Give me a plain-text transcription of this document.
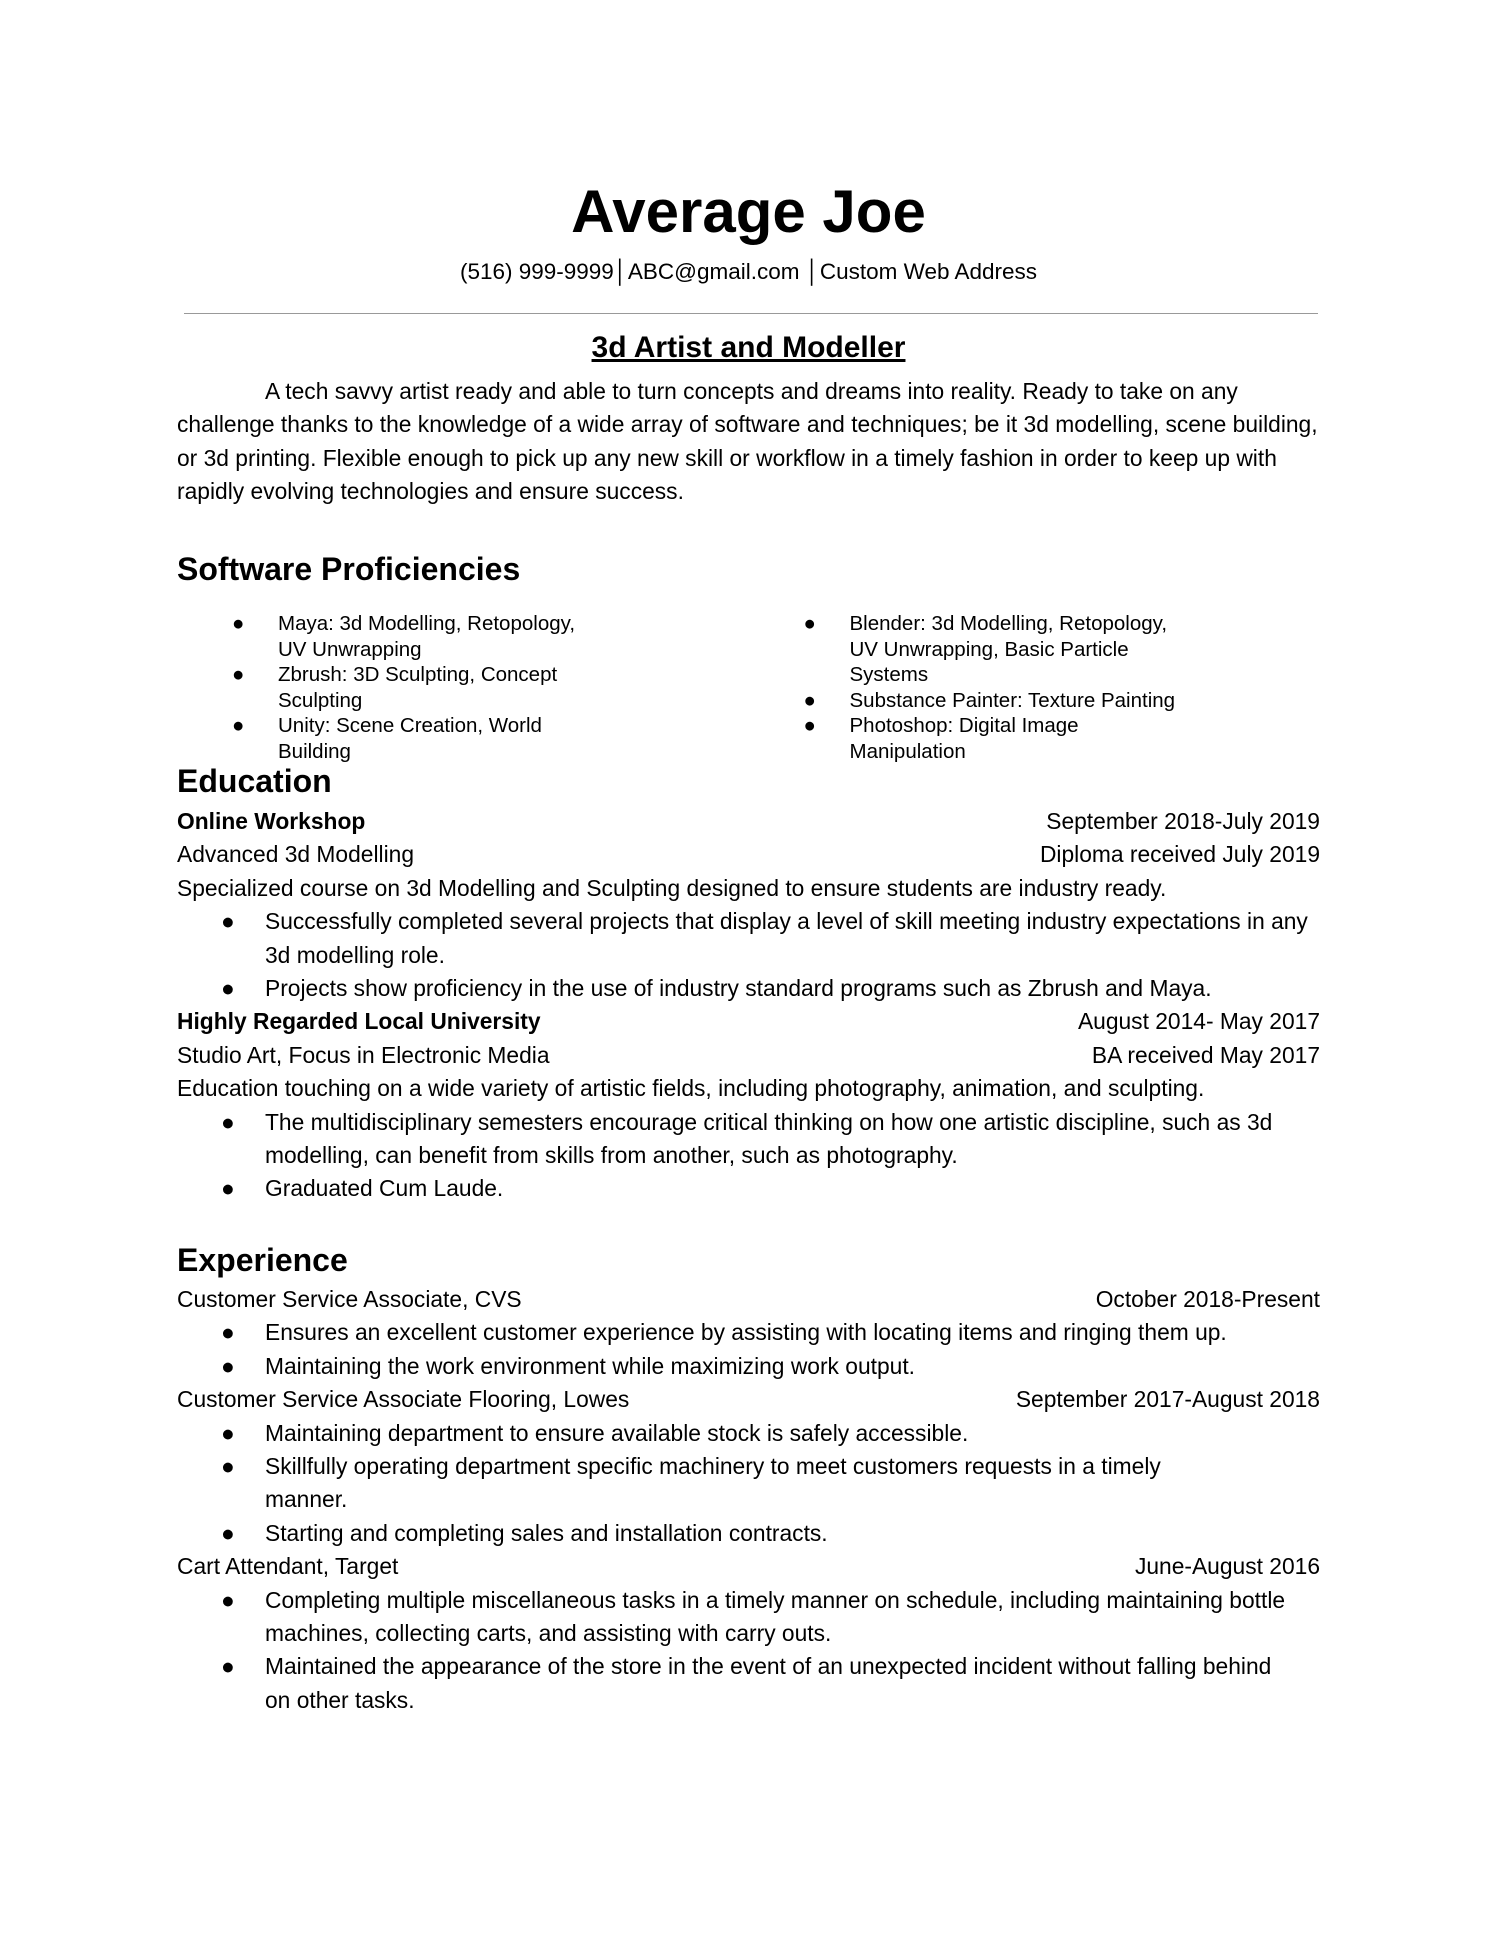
Average Joe
(516) 999-9999│ABC@gmail.com │Custom Web Address
3d Artist and Modeller
A tech savvy artist ready and able to turn concepts and dreams into reality. Ready to take on any challenge thanks to the knowledge of a wide array of software and techniques; be it 3d modelling, scene building, or 3d printing. Flexible enough to pick up any new skill or workflow in a timely fashion in order to keep up with rapidly evolving technologies and ensure success.
Software Proficiencies
● Maya: 3d Modelling, Retopology, UV Unwrapping
● Zbrush: 3D Sculpting, Concept Sculpting
● Unity: Scene Creation, World Building
● Blender: 3d Modelling, Retopology, UV Unwrapping, Basic Particle Systems
● Substance Painter: Texture Painting
● Photoshop: Digital Image Manipulation
Education
Online Workshop	September 2018-July 2019
Advanced 3d Modelling	Diploma received July 2019
Specialized course on 3d Modelling and Sculpting designed to ensure students are industry ready.
● Successfully completed several projects that display a level of skill meeting industry expectations in any 3d modelling role.
● Projects show proficiency in the use of industry standard programs such as Zbrush and Maya.
Highly Regarded Local University	August 2014- May 2017
Studio Art, Focus in Electronic Media	BA received May 2017
Education touching on a wide variety of artistic fields, including photography, animation, and sculpting.
● The multidisciplinary semesters encourage critical thinking on how one artistic discipline, such as 3d modelling, can benefit from skills from another, such as photography.
● Graduated Cum Laude.
Experience
Customer Service Associate, CVS	October 2018-Present
● Ensures an excellent customer experience by assisting with locating items and ringing them up.
● Maintaining the work environment while maximizing work output.
Customer Service Associate Flooring, Lowes	September 2017-August 2018
● Maintaining department to ensure available stock is safely accessible.
● Skillfully operating department specific machinery to meet customers requests in a timely manner.
● Starting and completing sales and installation contracts.
Cart Attendant, Target	June-August 2016
● Completing multiple miscellaneous tasks in a timely manner on schedule, including maintaining bottle machines, collecting carts, and assisting with carry outs.
● Maintained the appearance of the store in the event of an unexpected incident without falling behind on other tasks.
